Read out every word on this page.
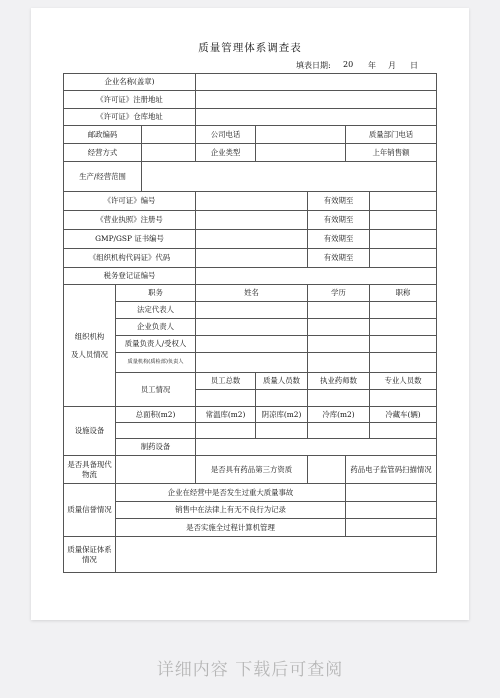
质量管理体系调查表
填表日期: 20 年 月 日
企业名称(盖章)							
《许可证》注册地址							
《许可证》仓库地址							
邮政编码			公司电话			质量部门电话	
经营方式			企业类型			上年销售额	
生产/经营范围							
《许可证》编号					有效期至		
《营业执照》注册号					有效期至		
GMP/GSP 证书编号					有效期至		
《组织机构代码证》代码					有效期至		
税务登记证编号							
组织机构

及人员情况	职务		姓名		学历		职称
	法定代表人						
	企业负责人						
	质量负责人/受权人						
	质量机构(质检部)负责人						
	员工情况		员工总数	质量人员数	执业药师数		专业人员数

设施设备	总面积(m2)		常温库(m2)	阴凉库(m2)	冷库(m2)		冷藏车(辆)

	制药设备						
是否具备现代物流			是否具有药品第三方资质			药品电子监管码扫描情况	
质量信誉情况	企业在经营中是否发生过重大质量事故						
	销售中在法律上有无不良行为记录						
	是否实施全过程计算机管理						
质量保证体系情况							
详细内容 下载后可查阅
